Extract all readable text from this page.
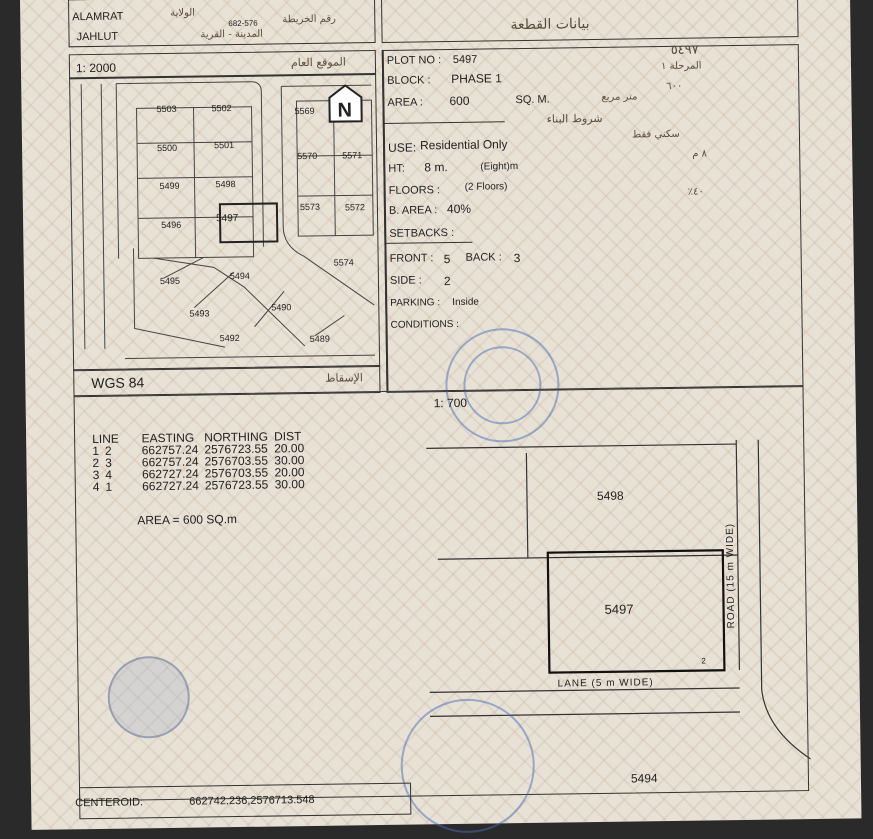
ALAMRAT
JAHLUT
الولاية
682-576 رقم الخريطة
المدينة - القرية
بيانات القطعة
1: 2000	الموقع العام
5503	5502	5569
5500	5501
5570	5571
5499	5498
5573	5572
5496
5497
5574
5495	5494
5493
5490
5492	5489
N
WGS 84	الإسقاط
PLOT NO : 5497
٥٤٩٧
BLOCK : PHASE 1
المرحلة ١
AREA : 600	SQ. M.
٦٠٠
متر مربع
شروط البناء
USE: Residential Only
سكني فقط
HT: 8 m.	(Eight)m
٨ م
FLOORS : (2 Floors)
B. AREA : 40%
٤٠٪
SETBACKS :
FRONT : 5 BACK : 3
SIDE : 2
PARKING : Inside
CONDITIONS :
1: 700
LINE		EASTING	NORTHING	DIST
1	2	662757.24	2576723.55	20.00
2	3	662757.24	2576703.55	30.00
3	4	662727.24	2576703.55	20.00
4	1	662727.24	2576723.55	30.00
AREA = 600 SQ.m
5498
5497
2
LANE (5 m WIDE)
ROAD (15 m WIDE)
5494
CENTEROID:	662742.236,2576713.548
